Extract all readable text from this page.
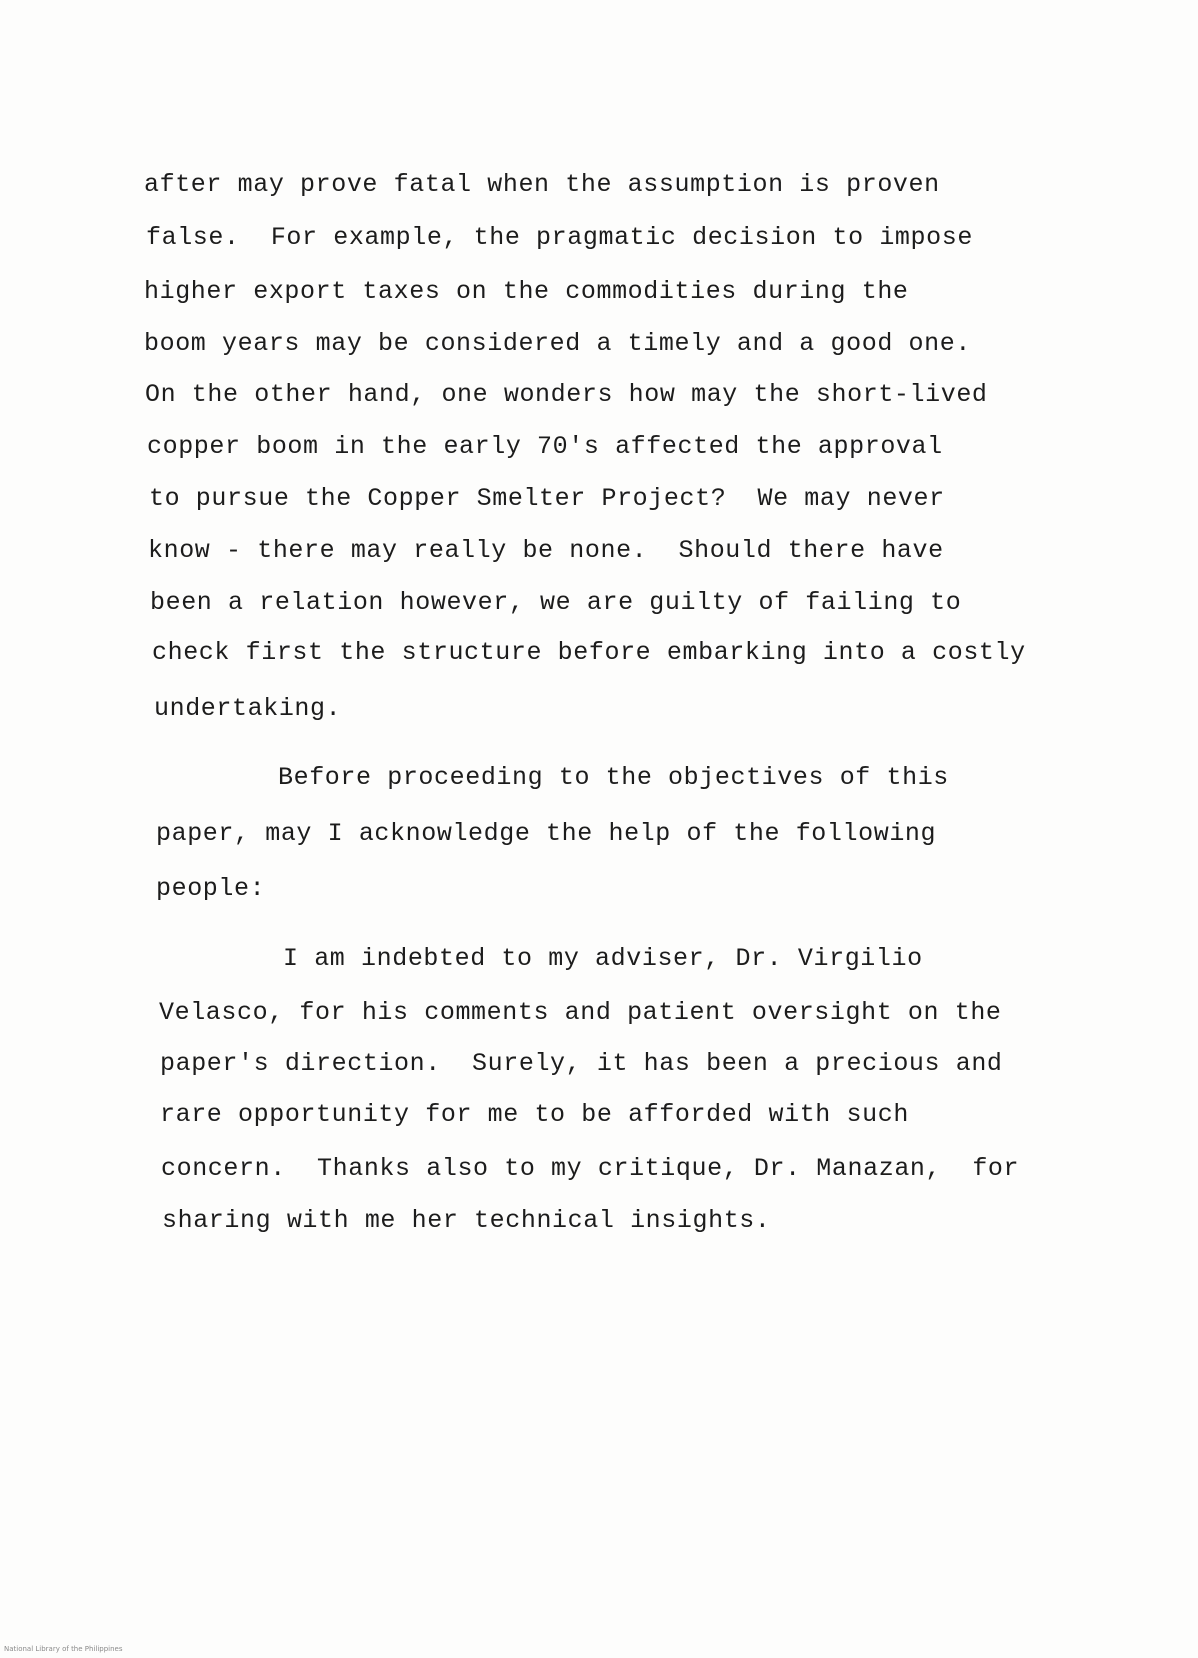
after may prove fatal when the assumption is proven
false.  For example, the pragmatic decision to impose
higher export taxes on the commodities during the
boom years may be considered a timely and a good one.
On the other hand, one wonders how may the short-lived
copper boom in the early 70's affected the approval
to pursue the Copper Smelter Project?  We may never
know - there may really be none.  Should there have
been a relation however, we are guilty of failing to
check first the structure before embarking into a costly
undertaking.
Before proceeding to the objectives of this
paper, may I acknowledge the help of the following
people:
I am indebted to my adviser, Dr. Virgilio
Velasco, for his comments and patient oversight on the
paper's direction.  Surely, it has been a precious and
rare opportunity for me to be afforded with such
concern.  Thanks also to my critique, Dr. Manazan,  for
sharing with me her technical insights.
National Library of the Philippines
